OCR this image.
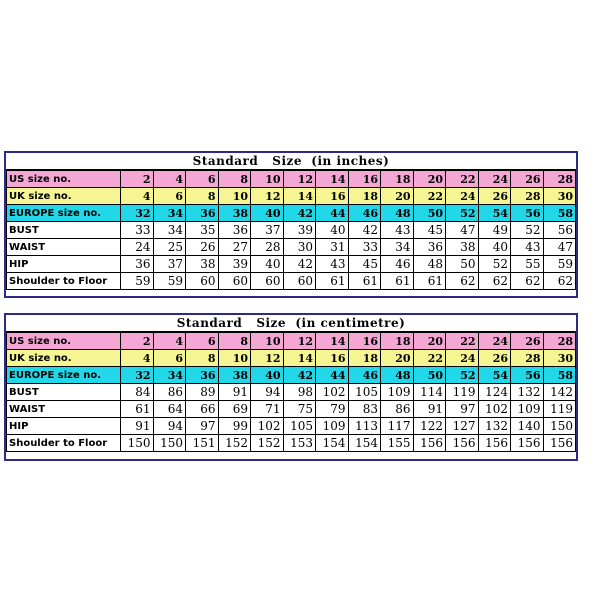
Standard   Size  (in inches)
US size no.	2	4	6	8	10	12	14	16	18	20	22	24	26	28
UK size no.	4	6	8	10	12	14	16	18	20	22	24	26	28	30
EUROPE size no.	32	34	36	38	40	42	44	46	48	50	52	54	56	58
BUST	33	34	35	36	37	39	40	42	43	45	47	49	52	56
WAIST	24	25	26	27	28	30	31	33	34	36	38	40	43	47
HIP	36	37	38	39	40	42	43	45	46	48	50	52	55	59
Shoulder to Floor	59	59	60	60	60	60	61	61	61	61	62	62	62	62
Standard   Size  (in centimetre)
US size no.	2	4	6	8	10	12	14	16	18	20	22	24	26	28
UK size no.	4	6	8	10	12	14	16	18	20	22	24	26	28	30
EUROPE size no.	32	34	36	38	40	42	44	46	48	50	52	54	56	58
BUST	84	86	89	91	94	98	102	105	109	114	119	124	132	142
WAIST	61	64	66	69	71	75	79	83	86	91	97	102	109	119
HIP	91	94	97	99	102	105	109	113	117	122	127	132	140	150
Shoulder to Floor	150	150	151	152	152	153	154	154	155	156	156	156	156	156
